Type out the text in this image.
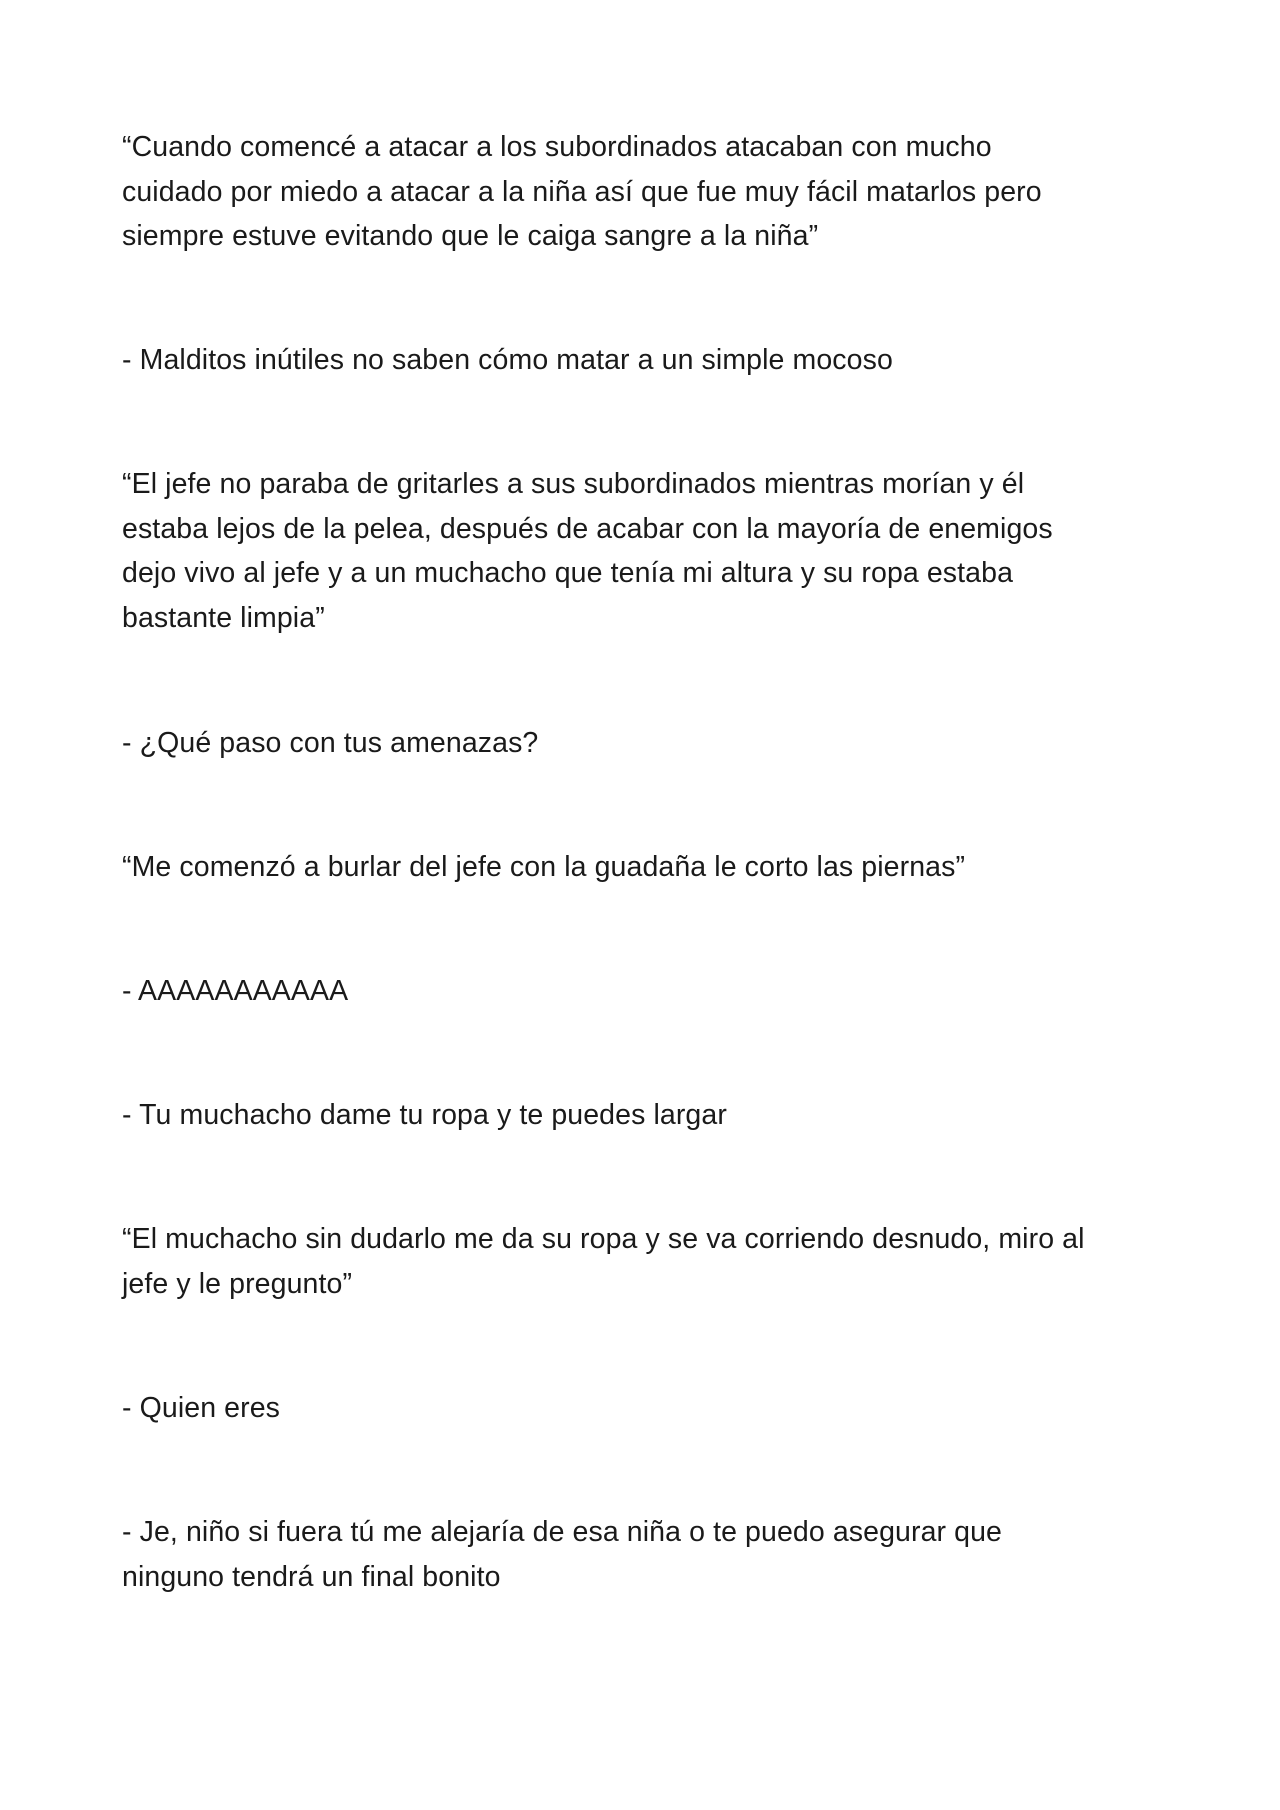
“Cuando comencé a atacar a los subordinados atacaban con mucho
cuidado por miedo a atacar a la niña así que fue muy fácil matarlos pero
siempre estuve evitando que le caiga sangre a la niña”

- Malditos inútiles no saben cómo matar a un simple mocoso

“El jefe no paraba de gritarles a sus subordinados mientras morían y él
estaba lejos de la pelea, después de acabar con la mayoría de enemigos
dejo vivo al jefe y a un muchacho que tenía mi altura y su ropa estaba
bastante limpia”

- ¿Qué paso con tus amenazas?

“Me comenzó a burlar del jefe con la guadaña le corto las piernas”

- AAAAAAAAAAA

- Tu muchacho dame tu ropa y te puedes largar

“El muchacho sin dudarlo me da su ropa y se va corriendo desnudo, miro al
jefe y le pregunto”

- Quien eres

- Je, niño si fuera tú me alejaría de esa niña o te puedo asegurar que
ninguno tendrá un final bonito
